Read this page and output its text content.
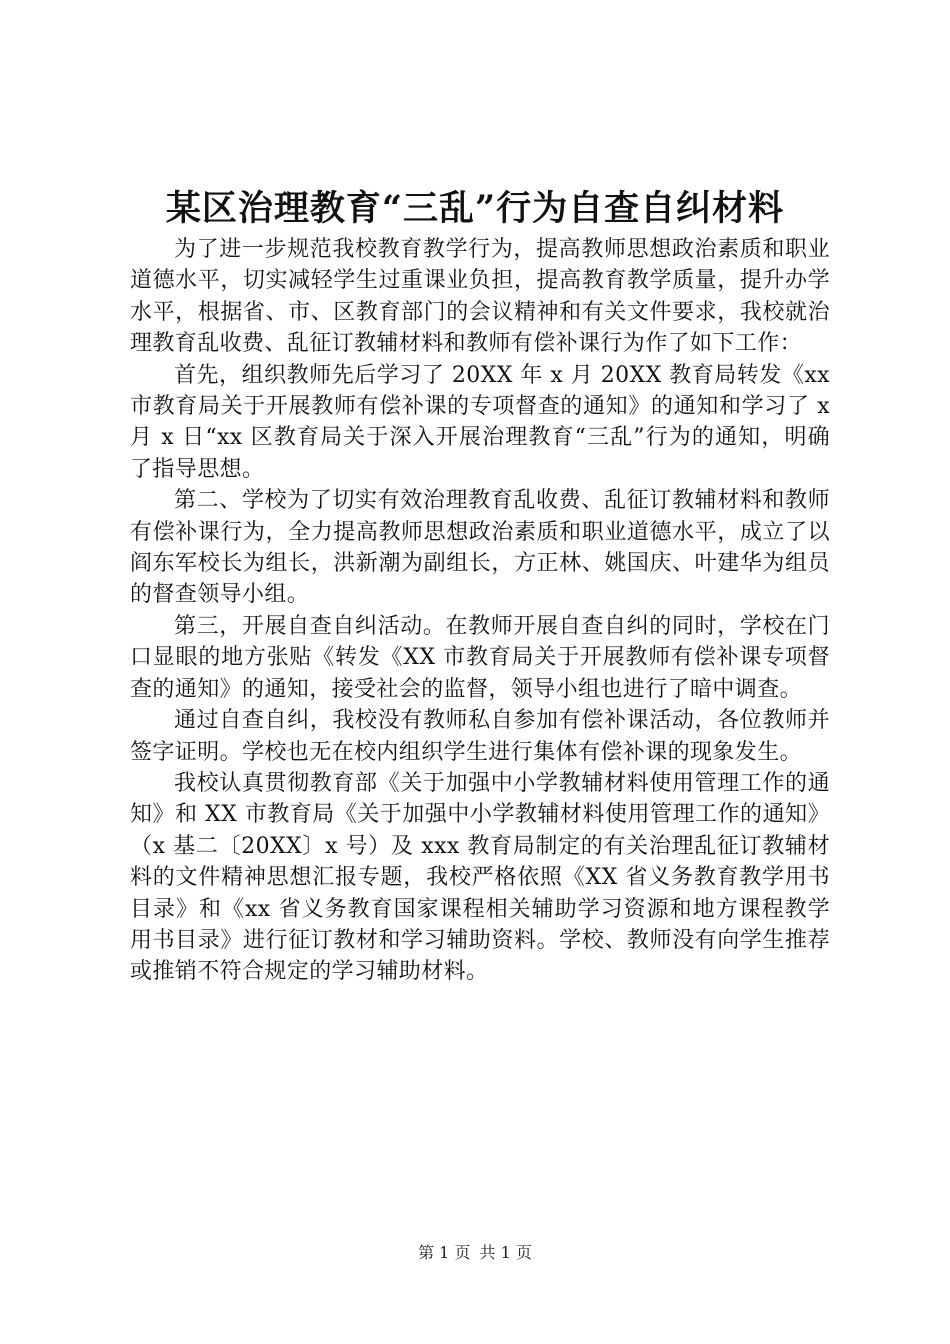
某区治理教育“三乱”行为自查自纠材料

为了进一步规范我校教育教学行为，提高教师思想政治素质和职业道德水平，切实减轻学生过重课业负担，提高教育教学质量，提升办学水平，根据省、市、区教育部门的会议精神和有关文件要求，我校就治理教育乱收费、乱征订教辅材料和教师有偿补课行为作了如下工作：

首先，组织教师先后学习了 20XX 年 x 月 20XX 教育局转发《xx 市教育局关于开展教师有偿补课的专项督查的通知》的通知和学习了 x 月 x 日“xx 区教育局关于深入开展治理教育“三乱”行为的通知，明确了指导思想。

第二、学校为了切实有效治理教育乱收费、乱征订教辅材料和教师有偿补课行为，全力提高教师思想政治素质和职业道德水平，成立了以阎东军校长为组长，洪新潮为副组长，方正林、姚国庆、叶建华为组员的督查领导小组。

第三，开展自查自纠活动。在教师开展自查自纠的同时，学校在门口显眼的地方张贴《转发《XX 市教育局关于开展教师有偿补课专项督查的通知》的通知，接受社会的监督，领导小组也进行了暗中调查。

通过自查自纠，我校没有教师私自参加有偿补课活动，各位教师并签字证明。学校也无在校内组织学生进行集体有偿补课的现象发生。

我校认真贯彻教育部《关于加强中小学教辅材料使用管理工作的通知》和 XX 市教育局《关于加强中小学教辅材料使用管理工作的通知》（x 基二〔20XX〕x 号）及 xxx 教育局制定的有关治理乱征订教辅材料的文件精神思想汇报专题，我校严格依照《XX 省义务教育教学用书目录》和《xx 省义务教育国家课程相关辅助学习资源和地方课程教学用书目录》进行征订教材和学习辅助资料。学校、教师没有向学生推荐或推销不符合规定的学习辅助材料。

第 1 页 共 1 页
